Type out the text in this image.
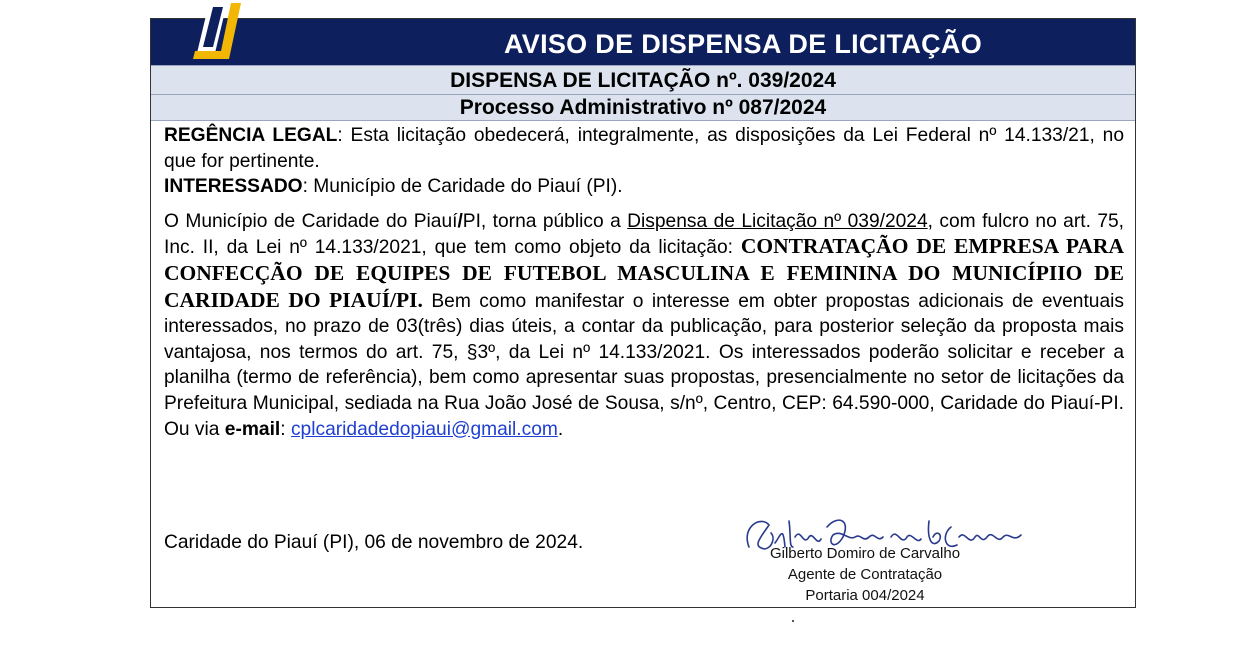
AVISO DE DISPENSA DE LICITAÇÃO
DISPENSA DE LICITAÇÃO nº. 039/2024
Processo Administrativo nº 087/2024

REGÊNCIA LEGAL: Esta licitação obedecerá, integralmente, as disposições da Lei Federal nº 14.133/21, no que for pertinente.

INTERESSADO: Município de Caridade do Piauí (PI).

O Município de Caridade do Piauí/PI, torna público a Dispensa de Licitação nº 039/2024, com fulcro no art. 75, Inc. II, da Lei nº 14.133/2021, que tem como objeto da licitação: CONTRATAÇÃO DE EMPRESA PARA CONFECÇÃO DE EQUIPES DE FUTEBOL MASCULINA E FEMININA DO MUNICÍPIIO DE CARIDADE DO PIAUÍ/PI. Bem como manifestar o interesse em obter propostas adicionais de eventuais interessados, no prazo de 03(três) dias úteis, a contar da publicação, para posterior seleção da proposta mais vantajosa, nos termos do art. 75, §3º, da Lei nº 14.133/2021. Os interessados poderão solicitar e receber a planilha (termo de referência), bem como apresentar suas propostas, presencialmente no setor de licitações da Prefeitura Municipal, sediada na Rua João José de Sousa, s/nº, Centro, CEP: 64.590-000, Caridade do Piauí-PI. Ou via e-mail: cplcaridadedopiaui@gmail.com.

Caridade do Piauí (PI), 06 de novembro de 2024.
Gilberto Domiro de Carvalho
Agente de Contratação
Portaria 004/2024
